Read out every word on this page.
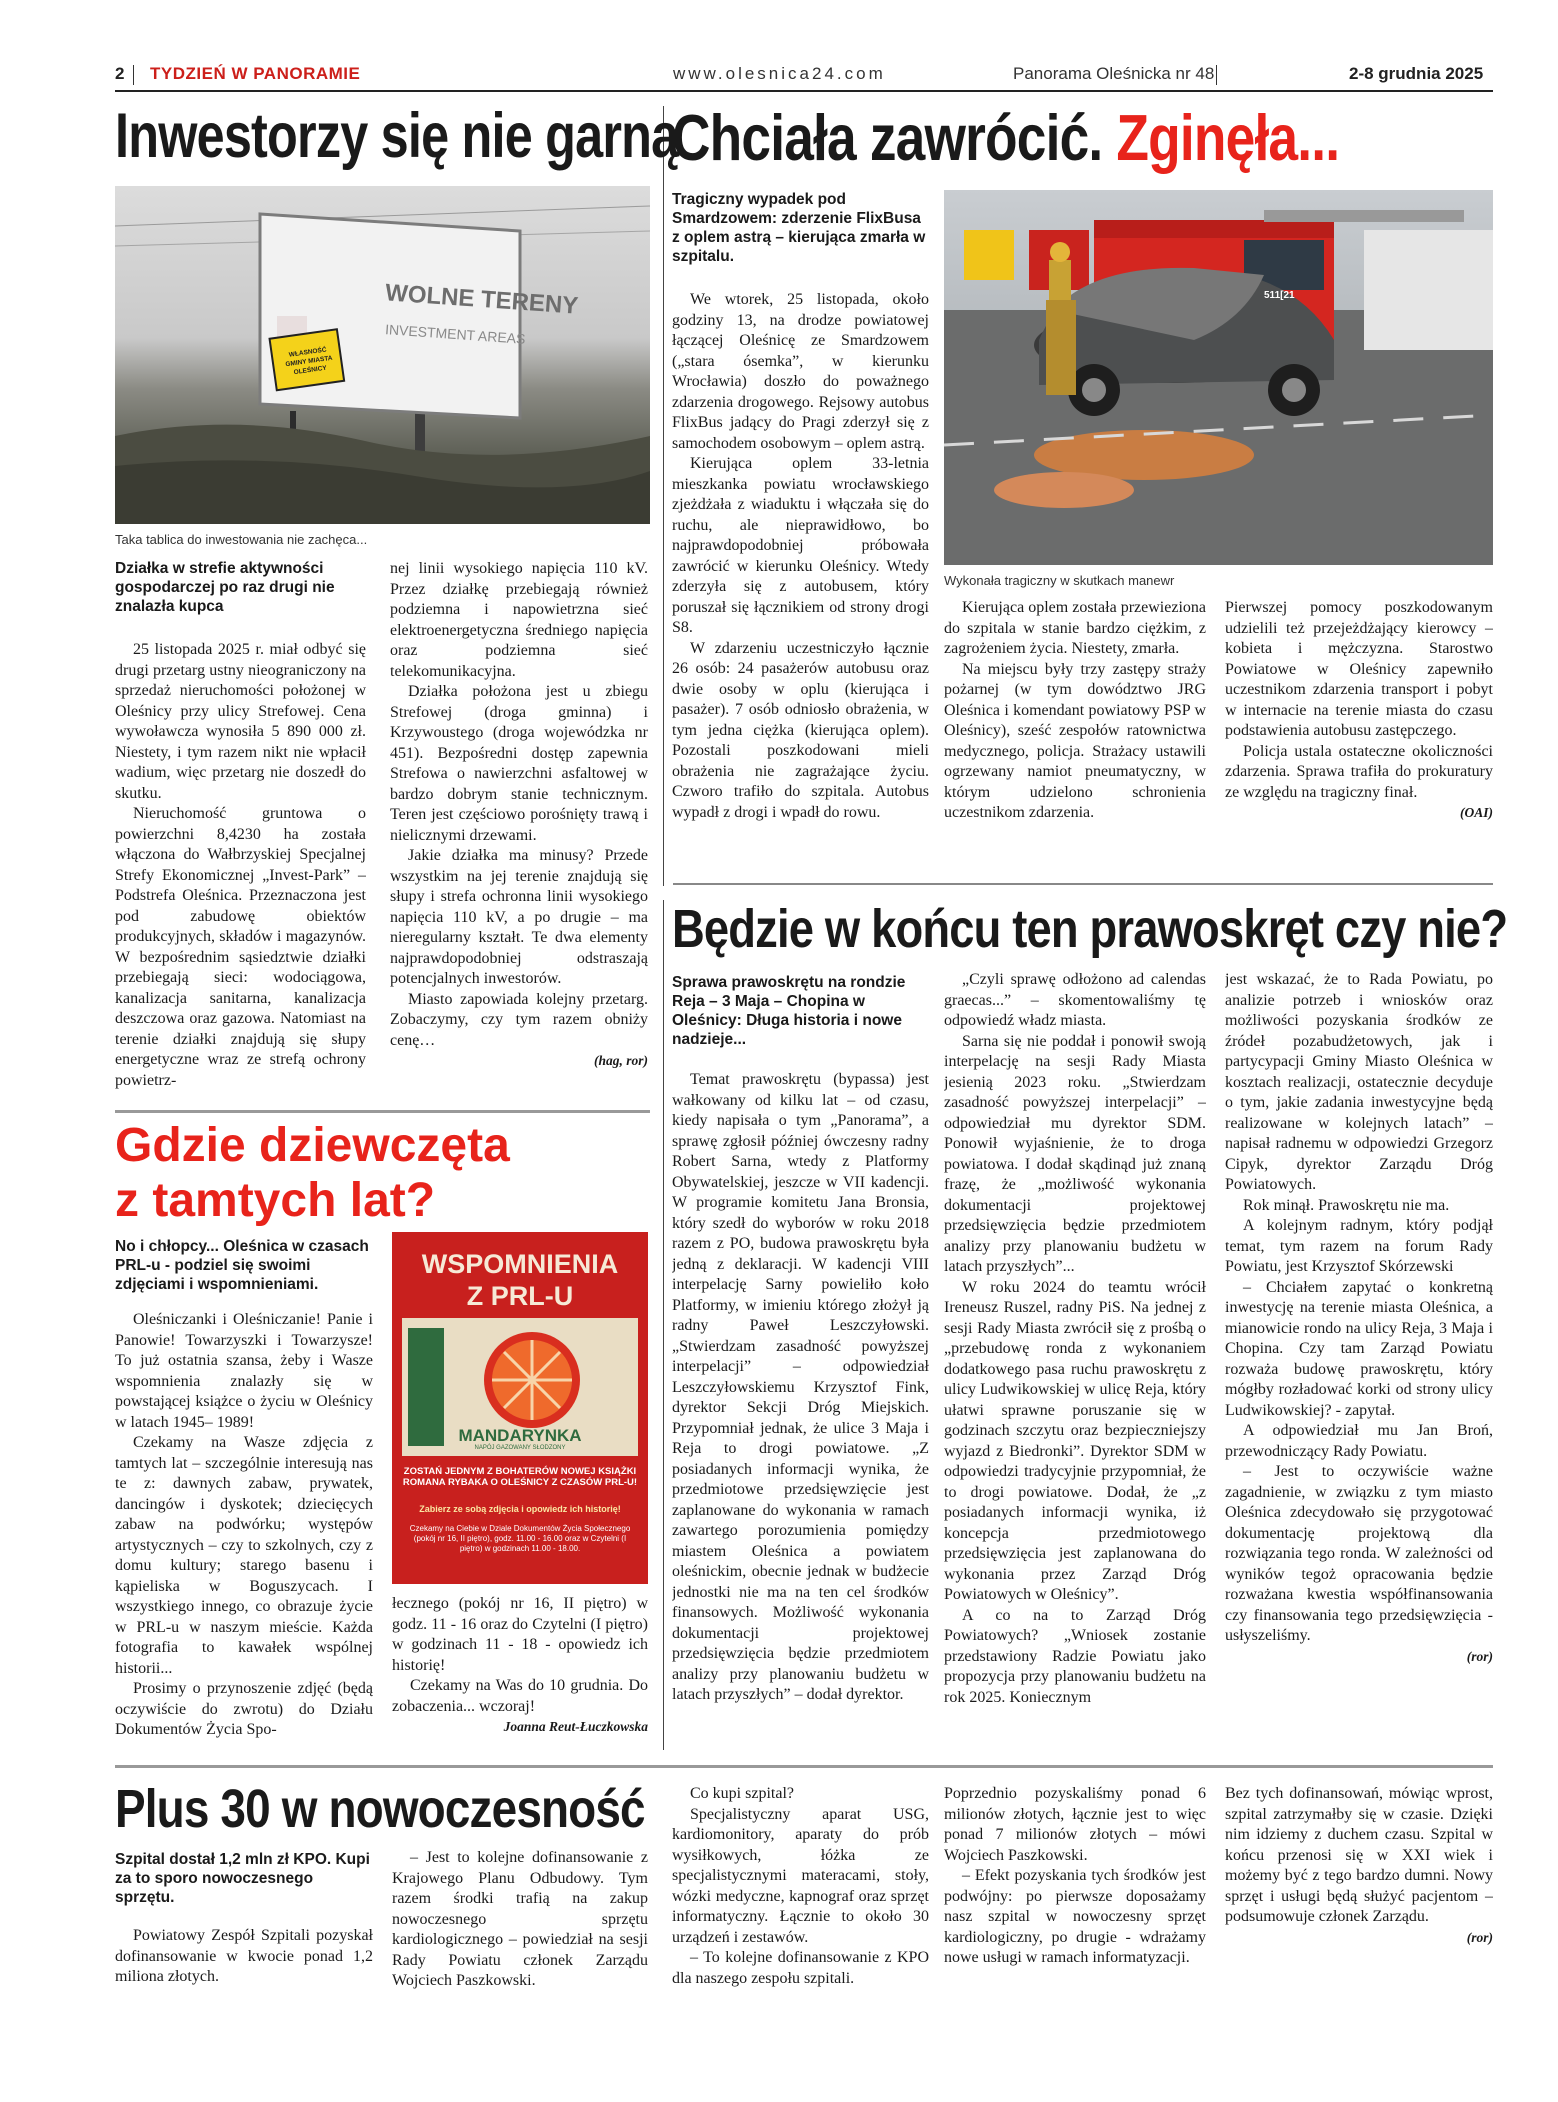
2 TYDZIEŃ W PANORAMIE	www.olesnica24.com	Panorama Oleśnicka nr 48	2-8 grudnia 2025
Inwestorzy się nie garną
WOLNE TERENY
INVESTMENT AREAS
WŁASNOŚĆ GMINY MIASTA OLEŚNICY
Taka tablica do inwestowania nie zachęca...
Działka w strefie aktywności gospodarczej po raz drugi nie znalazła kupca

25 listopada 2025 r. miał odbyć się drugi przetarg ustny nieograniczony na sprzedaż nieruchomości położonej w Oleśnicy przy ulicy Strefowej. Cena wywoławcza wynosiła 5 890 000 zł. Niestety, i tym razem nikt nie wpłacił wadium, więc przetarg nie doszedł do skutku.

Nieruchomość gruntowa o powierzchni 8,4230 ha została włączona do Wałbrzyskiej Specjalnej Strefy Ekonomicznej „Invest-Park” – Podstrefa Oleśnica. Przeznaczona jest pod zabudowę obiektów produkcyjnych, składów i magazynów. W bezpośrednim sąsiedztwie działki przebiegają sieci: wodociągowa, kanalizacja sanitarna, kanalizacja deszczowa oraz gazowa. Natomiast na terenie działki znajdują się słupy energetyczne wraz ze strefą ochrony powietrz-

nej linii wysokiego napięcia 110 kV. Przez działkę przebiegają również podziemna i napowietrzna sieć elektroenergetyczna średniego napięcia oraz podziemna sieć telekomunikacyjna.

Działka położona jest u zbiegu Strefowej (droga gminna) i Krzywoustego (droga wojewódzka nr 451). Bezpośredni dostęp zapewnia Strefowa o nawierzchni asfaltowej w bardzo dobrym stanie technicznym. Teren jest częściowo porośnięty trawą i nielicznymi drzewami.

Jakie działka ma minusy? Przede wszystkim na jej terenie znajdują się słupy i strefa ochronna linii wysokiego napięcia 110 kV, a po drugie – ma nieregularny kształt. Te dwa elementy najprawdopodobniej odstraszają potencjalnych inwestorów.

Miasto zapowiada kolejny przetarg. Zobaczymy, czy tym razem obniży cenę…

(hag, ror)

Chciała zawrócić. Zginęła...
Tragiczny wypadek pod Smardzowem: zderzenie FlixBusa z oplem astrą – kierująca zmarła w szpitalu.
511[21
Wykonała tragiczny w skutkach manewr

We wtorek, 25 listopada, około godziny 13, na drodze powiatowej łączącej Oleśnicę ze Smardzowem („stara ósemka”, w kierunku Wrocławia) doszło do poważnego zdarzenia drogowego. Rejsowy autobus FlixBus jadący do Pragi zderzył się z samochodem osobowym – oplem astrą.

Kierująca oplem 33-letnia mieszkanka powiatu wrocławskiego zjeżdżała z wiaduktu i włączała się do ruchu, ale nieprawidłowo, bo najprawdopodobniej próbowała zawrócić w kierunku Oleśnicy. Wtedy zderzyła się z autobusem, który poruszał się łącznikiem od strony drogi S8.

W zdarzeniu uczestniczyło łącznie 26 osób: 24 pasażerów autobusu oraz dwie osoby w oplu (kierująca i pasażer). 7 osób odniosło obrażenia, w tym jedna ciężka (kierująca oplem). Pozostali poszkodowani mieli obrażenia nie zagrażające życiu. Czworo trafiło do szpitala. Autobus wypadł z drogi i wpadł do rowu.

Kierująca oplem została przewieziona do szpitala w stanie bardzo ciężkim, z zagrożeniem życia. Niestety, zmarła.

Na miejscu były trzy zastępy straży pożarnej (w tym dowództwo JRG Oleśnica i komendant powiatowy PSP w Oleśnicy), sześć zespołów ratownictwa medycznego, policja. Strażacy ustawili ogrzewany namiot pneumatyczny, w którym udzielono schronienia uczestnikom zdarzenia.

Pierwszej pomocy poszkodowanym udzielili też przejeżdżający kierowcy – kobieta i mężczyzna. Starostwo Powiatowe w Oleśnicy zapewniło uczestnikom zdarzenia transport i pobyt w internacie na terenie miasta do czasu podstawienia autobusu zastępczego.

Policja ustala ostateczne okoliczności zdarzenia. Sprawa trafiła do prokuratury ze względu na tragiczny finał.

(OAI)

Będzie w końcu ten prawoskręt czy nie?
Sprawa prawoskrętu na rondzie Reja – 3 Maja – Chopina w Oleśnicy: Długa historia i nowe nadzieje...

Temat prawoskrętu (bypassa) jest wałkowany od kilku lat – od czasu, kiedy napisała o tym „Panorama”, a sprawę zgłosił później ówczesny radny Robert Sarna, wtedy z Platformy Obywatelskiej, jeszcze w VII kadencji. W programie komitetu Jana Bronsia, który szedł do wyborów w roku 2018 razem z PO, budowa prawoskrętu była jedną z deklaracji. W kadencji VIII interpelację Sarny powieliło koło Platformy, w imieniu którego złożył ją radny Paweł Leszczyłowski. „Stwierdzam zasadność powyższej interpelacji” – odpowiedział Leszczyłowskiemu Krzysztof Fink, dyrektor Sekcji Dróg Miejskich. Przypomniał jednak, że ulice 3 Maja i Reja to drogi powiatowe. „Z posiadanych informacji wynika, że przedmiotowe przedsięwzięcie jest zaplanowane do wykonania w ramach zawartego porozumienia pomiędzy miastem Oleśnica a powiatem oleśnickim, obecnie jednak w budżecie jednostki nie ma na ten cel środków finansowych. Możliwość wykonania dokumentacji projektowej przedsięwzięcia będzie przedmiotem analizy przy planowaniu budżetu w latach przyszłych” – dodał dyrektor.

„Czyli sprawę odłożono ad calendas graecas...” – skomentowaliśmy tę odpowiedź władz miasta.

Sarna się nie poddał i ponowił swoją interpelację na sesji Rady Miasta jesienią 2023 roku. „Stwierdzam zasadność powyższej interpelacji” – odpowiedział mu dyrektor SDM. Ponowił wyjaśnienie, że to droga powiatowa. I dodał skądinąd już znaną frazę, że „możliwość wykonania dokumentacji projektowej przedsięwzięcia będzie przedmiotem analizy przy planowaniu budżetu w latach przyszłych”...

W roku 2024 do teamtu wrócił Ireneusz Ruszel, radny PiS. Na jednej z sesji Rady Miasta zwrócił się z prośbą o „przebudowę ronda z wykonaniem dodatkowego pasa ruchu prawoskrętu z ulicy Ludwikowskiej w ulicę Reja, który ułatwi sprawne poruszanie się w godzinach szczytu oraz bezpieczniejszy wyjazd z Biedronki”. Dyrektor SDM w odpowiedzi tradycyjnie przypomniał, że to drogi powiatowe. Dodał, że „z posiadanych informacji wynika, iż koncepcja przedmiotowego przedsięwzięcia jest zaplanowana do wykonania przez Zarząd Dróg Powiatowych w Oleśnicy”.

A co na to Zarząd Dróg Powiatowych? „Wniosek zostanie przedstawiony Radzie Powiatu jako propozycja przy planowaniu budżetu na rok 2025. Koniecznym

jest wskazać, że to Rada Powiatu, po analizie potrzeb i wniosków oraz możliwości pozyskania środków ze źródeł pozabudżetowych, jak i partycypacji Gminy Miasto Oleśnica w kosztach realizacji, ostatecznie decyduje o tym, jakie zadania inwestycyjne będą realizowane w kolejnych latach” – napisał radnemu w odpowiedzi Grzegorz Cipyk, dyrektor Zarządu Dróg Powiatowych.

Rok minął. Prawoskrętu nie ma.

A kolejnym radnym, który podjął temat, tym razem na forum Rady Powiatu, jest Krzysztof Skórzewski

– Chciałem zapytać o konkretną inwestycję na terenie miasta Oleśnica, a mianowicie rondo na ulicy Reja, 3 Maja i Chopina. Czy tam Zarząd Powiatu rozważa budowę prawoskrętu, który mógłby rozładować korki od strony ulicy Ludwikowskiej? - zapytał.

A odpowiedział mu Jan Broń, przewodniczący Rady Powiatu.

– Jest to oczywiście ważne zagadnienie, w związku z tym miasto Oleśnica zdecydowało się przygotować dokumentację projektową dla rozwiązania tego ronda. W zależności od wyników tegoż opracowania będzie rozważana kwestia współfinansowania czy finansowania tego przedsięwzięcia - usłyszeliśmy.

(ror)

Gdzie dziewczęta
z tamtych lat?
No i chłopcy... Oleśnica w czasach PRL-u - podziel się swoimi zdjęciami i wspomnieniami.
WSPOMNIENIA
Z PRL-U
MANDARYNKA
NAPÓJ GAZOWANY SŁODZONY
ZOSTAŃ JEDNYM Z BOHATERÓW NOWEJ KSIĄŻKI ROMANA RYBAKA O OLEŚNICY Z CZASÓW PRL-U!
Zabierz ze sobą zdjęcia i opowiedz ich historię!
Czekamy na Ciebie w Dziale Dokumentów Życia Społecznego (pokój nr 16, II piętro), godz. 11.00 - 16.00 oraz w Czytelni (I piętro) w godzinach 11.00 - 18.00.

Oleśniczanki i Oleśniczanie! Panie i Panowie! Towarzyszki i Towarzysze! To już ostatnia szansa, żeby i Wasze wspomnienia znalazły się w powstającej książce o życiu w Oleśnicy w latach 1945– 1989!

Czekamy na Wasze zdjęcia z tamtych lat – szczególnie interesują nas te z: dawnych zabaw, prywatek, dancingów i dyskotek; dziecięcych zabaw na podwórku; występów artystycznych – czy to szkolnych, czy z domu kultury; starego basenu i kąpieliska w Boguszycach. I wszystkiego innego, co obrazuje życie w PRL-u w naszym mieście. Każda fotografia to kawałek wspólnej historii...

Prosimy o przynoszenie zdjęć (będą oczywiście do zwrotu) do Działu Dokumentów Życia Spo-

łecznego (pokój nr 16, II piętro) w godz. 11 - 16 oraz do Czytelni (I piętro) w godzinach 11 - 18 - opowiedz ich historię!

Czekamy na Was do 10 grudnia. Do zobaczenia... wczoraj!

Joanna Reut-Łuczkowska

Plus 30 w nowoczesność
Szpital dostał 1,2 mln zł KPO. Kupi za to sporo nowoczesnego sprzętu.

Powiatowy Zespół Szpitali pozyskał dofinansowanie w kwocie ponad 1,2 miliona złotych.

– Jest to kolejne dofinansowanie z Krajowego Planu Odbudowy. Tym razem środki trafią na zakup nowoczesnego sprzętu kardiologicznego – powiedział na sesji Rady Powiatu członek Zarządu Wojciech Paszkowski.

Co kupi szpital?

Specjalistyczny aparat USG, kardiomonitory, aparaty do prób wysiłkowych, łóżka ze specjalistycznymi materacami, stoły, wózki medyczne, kapnograf oraz sprzęt informatyczny. Łącznie to około 30 urządzeń i zestawów.

– To kolejne dofinansowanie z KPO dla naszego zespołu szpitali.

Poprzednio pozyskaliśmy ponad 6 milionów złotych, łącznie jest to więc ponad 7 milionów złotych – mówi Wojciech Paszkowski.

– Efekt pozyskania tych środków jest podwójny: po pierwsze doposażamy nasz szpital w nowoczesny sprzęt kardiologiczny, po drugie - wdrażamy nowe usługi w ramach informatyzacji.

Bez tych dofinansowań, mówiąc wprost, szpital zatrzymałby się w czasie. Dzięki nim idziemy z duchem czasu. Szpital w końcu przenosi się w XXI wiek i możemy być z tego bardzo dumni. Nowy sprzęt i usługi będą służyć pacjentom – podsumowuje członek Zarządu.

(ror)
